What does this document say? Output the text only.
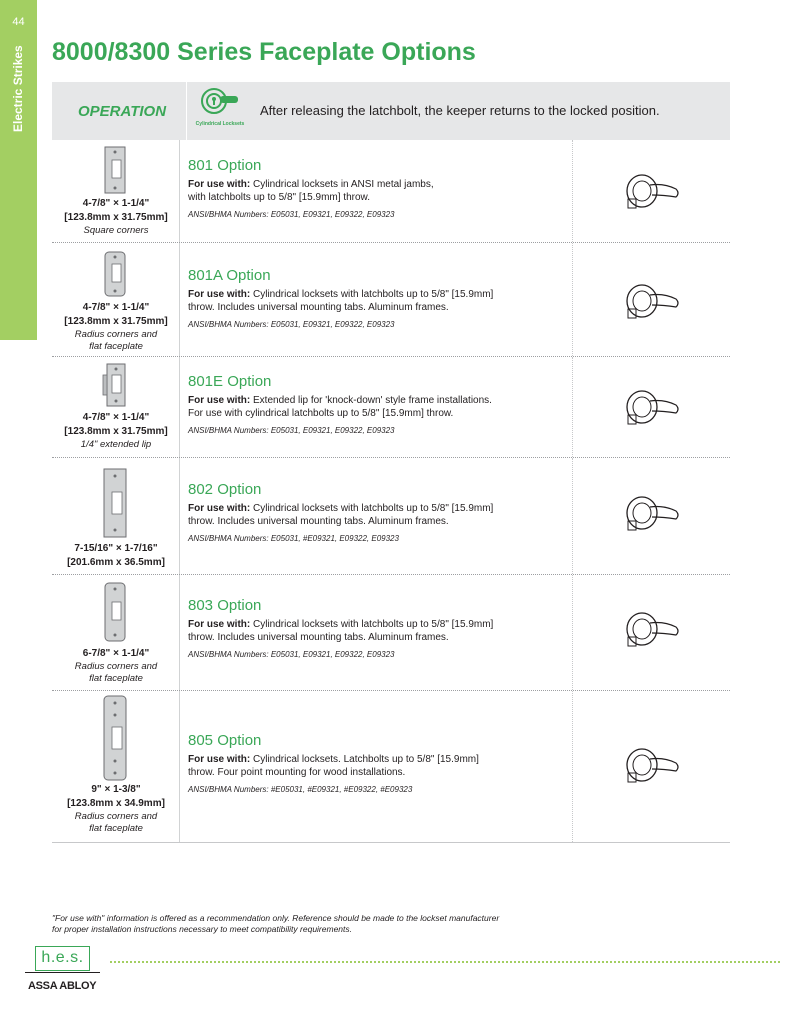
44
Electric Strikes 8000/8300 Series Faceplate Options
OPERATION
Cylindrical Locksets
After releasing the latchbolt, the keeper returns to the locked position.
4-7/8" × 1-1/4"
[123.8mm x 31.75mm]
Square corners
801 Option
For use with: Cylindrical locksets in ANSI metal jambs,
with latchbolts up to 5/8" [15.9mm] throw.
ANSI/BHMA Numbers: E05031, E09321, E09322, E09323
4-7/8" × 1-1/4"
[123.8mm x 31.75mm]
Radius corners and
flat faceplate
801A Option
For use with: Cylindrical locksets with latchbolts up to 5/8" [15.9mm]
throw. Includes universal mounting tabs. Aluminum frames.
ANSI/BHMA Numbers: E05031, E09321, E09322, E09323
4-7/8" × 1-1/4"
[123.8mm x 31.75mm]
1/4" extended lip
801E Option
For use with: Extended lip for 'knock-down' style frame installations.
For use with cylindrical latchbolts up to 5/8" [15.9mm] throw.
ANSI/BHMA Numbers: E05031, E09321, E09322, E09323
7-15/16" × 1-7/16"
[201.6mm x 36.5mm]
802 Option
For use with: Cylindrical locksets with latchbolts up to 5/8" [15.9mm]
throw. Includes universal mounting tabs. Aluminum frames.
ANSI/BHMA Numbers: E05031, #E09321, E09322, E09323
6-7/8" × 1-1/4"
Radius corners and
flat faceplate
803 Option
For use with: Cylindrical locksets with latchbolts up to 5/8" [15.9mm]
throw. Includes universal mounting tabs. Aluminum frames.
ANSI/BHMA Numbers: E05031, E09321, E09322, E09323
9" × 1-3/8"
[123.8mm x 34.9mm]
Radius corners and
flat faceplate
805 Option
For use with: Cylindrical locksets. Latchbolts up to 5/8" [15.9mm]
throw. Four point mounting for wood installations.
ANSI/BHMA Numbers: #E05031, #E09321, #E09322, #E09323
"For use with" information is offered as a recommendation only. Reference should be made to the lockset manufacturer
for proper installation instructions necessary to meet compatibility requirements.
h.e.s.
ASSA ABLOY
